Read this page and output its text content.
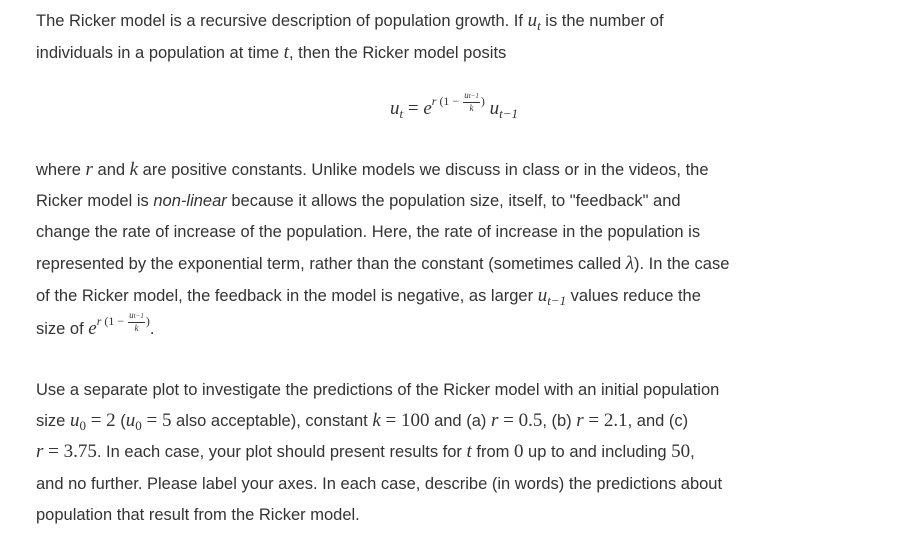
The Ricker model is a recursive description of population growth. If $u_t$ is the number of
individuals in a population at time t, then the Ricker model posits
$u_t = e^{r (1 - \frac{ut-1}{k} )}$ $u_{t-1}$
where r and k are positive constants. Unlike models we discuss in class or in the videos, the
Ricker model is non-linear because it allows the population size, itself, to "feedback" and
change the rate of increase of the population. Here, the rate of increase in the population is
represented by the exponential term, rather than the constant (sometimes called λ). In the case
of the Ricker model, the feedback in the model is negative, as larger $u_{t-1}$ values reduce the
size of $e^{r (1 - \frac{ut-1}{k} )}$.
Use a separate plot to investigate the predictions of the Ricker model with an initial population
size $u_0 = 2$ ($u_0 = 5$ also acceptable), constant k = 100 and (a) r = 0.5, (b) r = 2.1, and (c)
r = 3.75. In each case, your plot should present results for t from 0 up to and including 50,
and no further. Please label your axes. In each case, describe (in words) the predictions about
population that result from the Ricker model.
